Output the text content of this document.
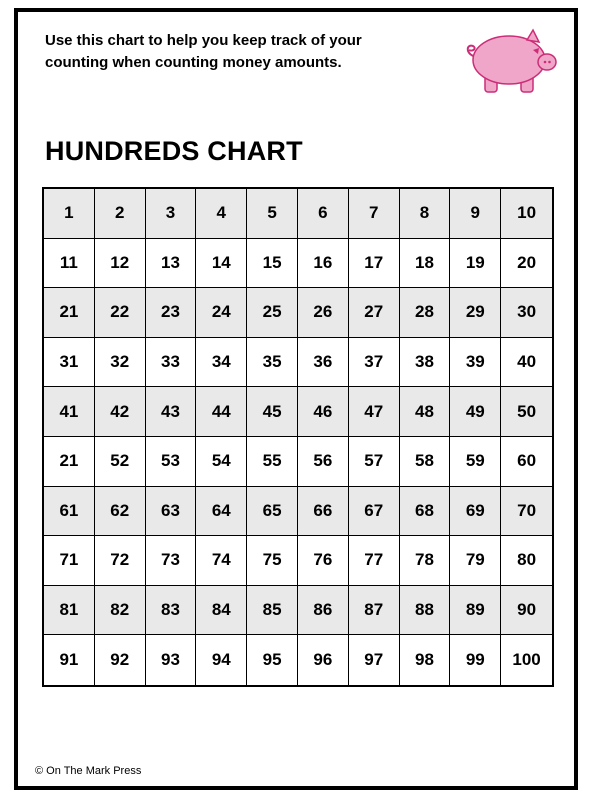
Use this chart to help you keep track of your counting when counting money amounts.
HUNDREDS CHART
1	2	3	4	5	6	7	8	9	10
11	12	13	14	15	16	17	18	19	20
21	22	23	24	25	26	27	28	29	30
31	32	33	34	35	36	37	38	39	40
41	42	43	44	45	46	47	48	49	50
21	52	53	54	55	56	57	58	59	60
61	62	63	64	65	66	67	68	69	70
71	72	73	74	75	76	77	78	79	80
81	82	83	84	85	86	87	88	89	90
91	92	93	94	95	96	97	98	99	100
© On The Mark Press
